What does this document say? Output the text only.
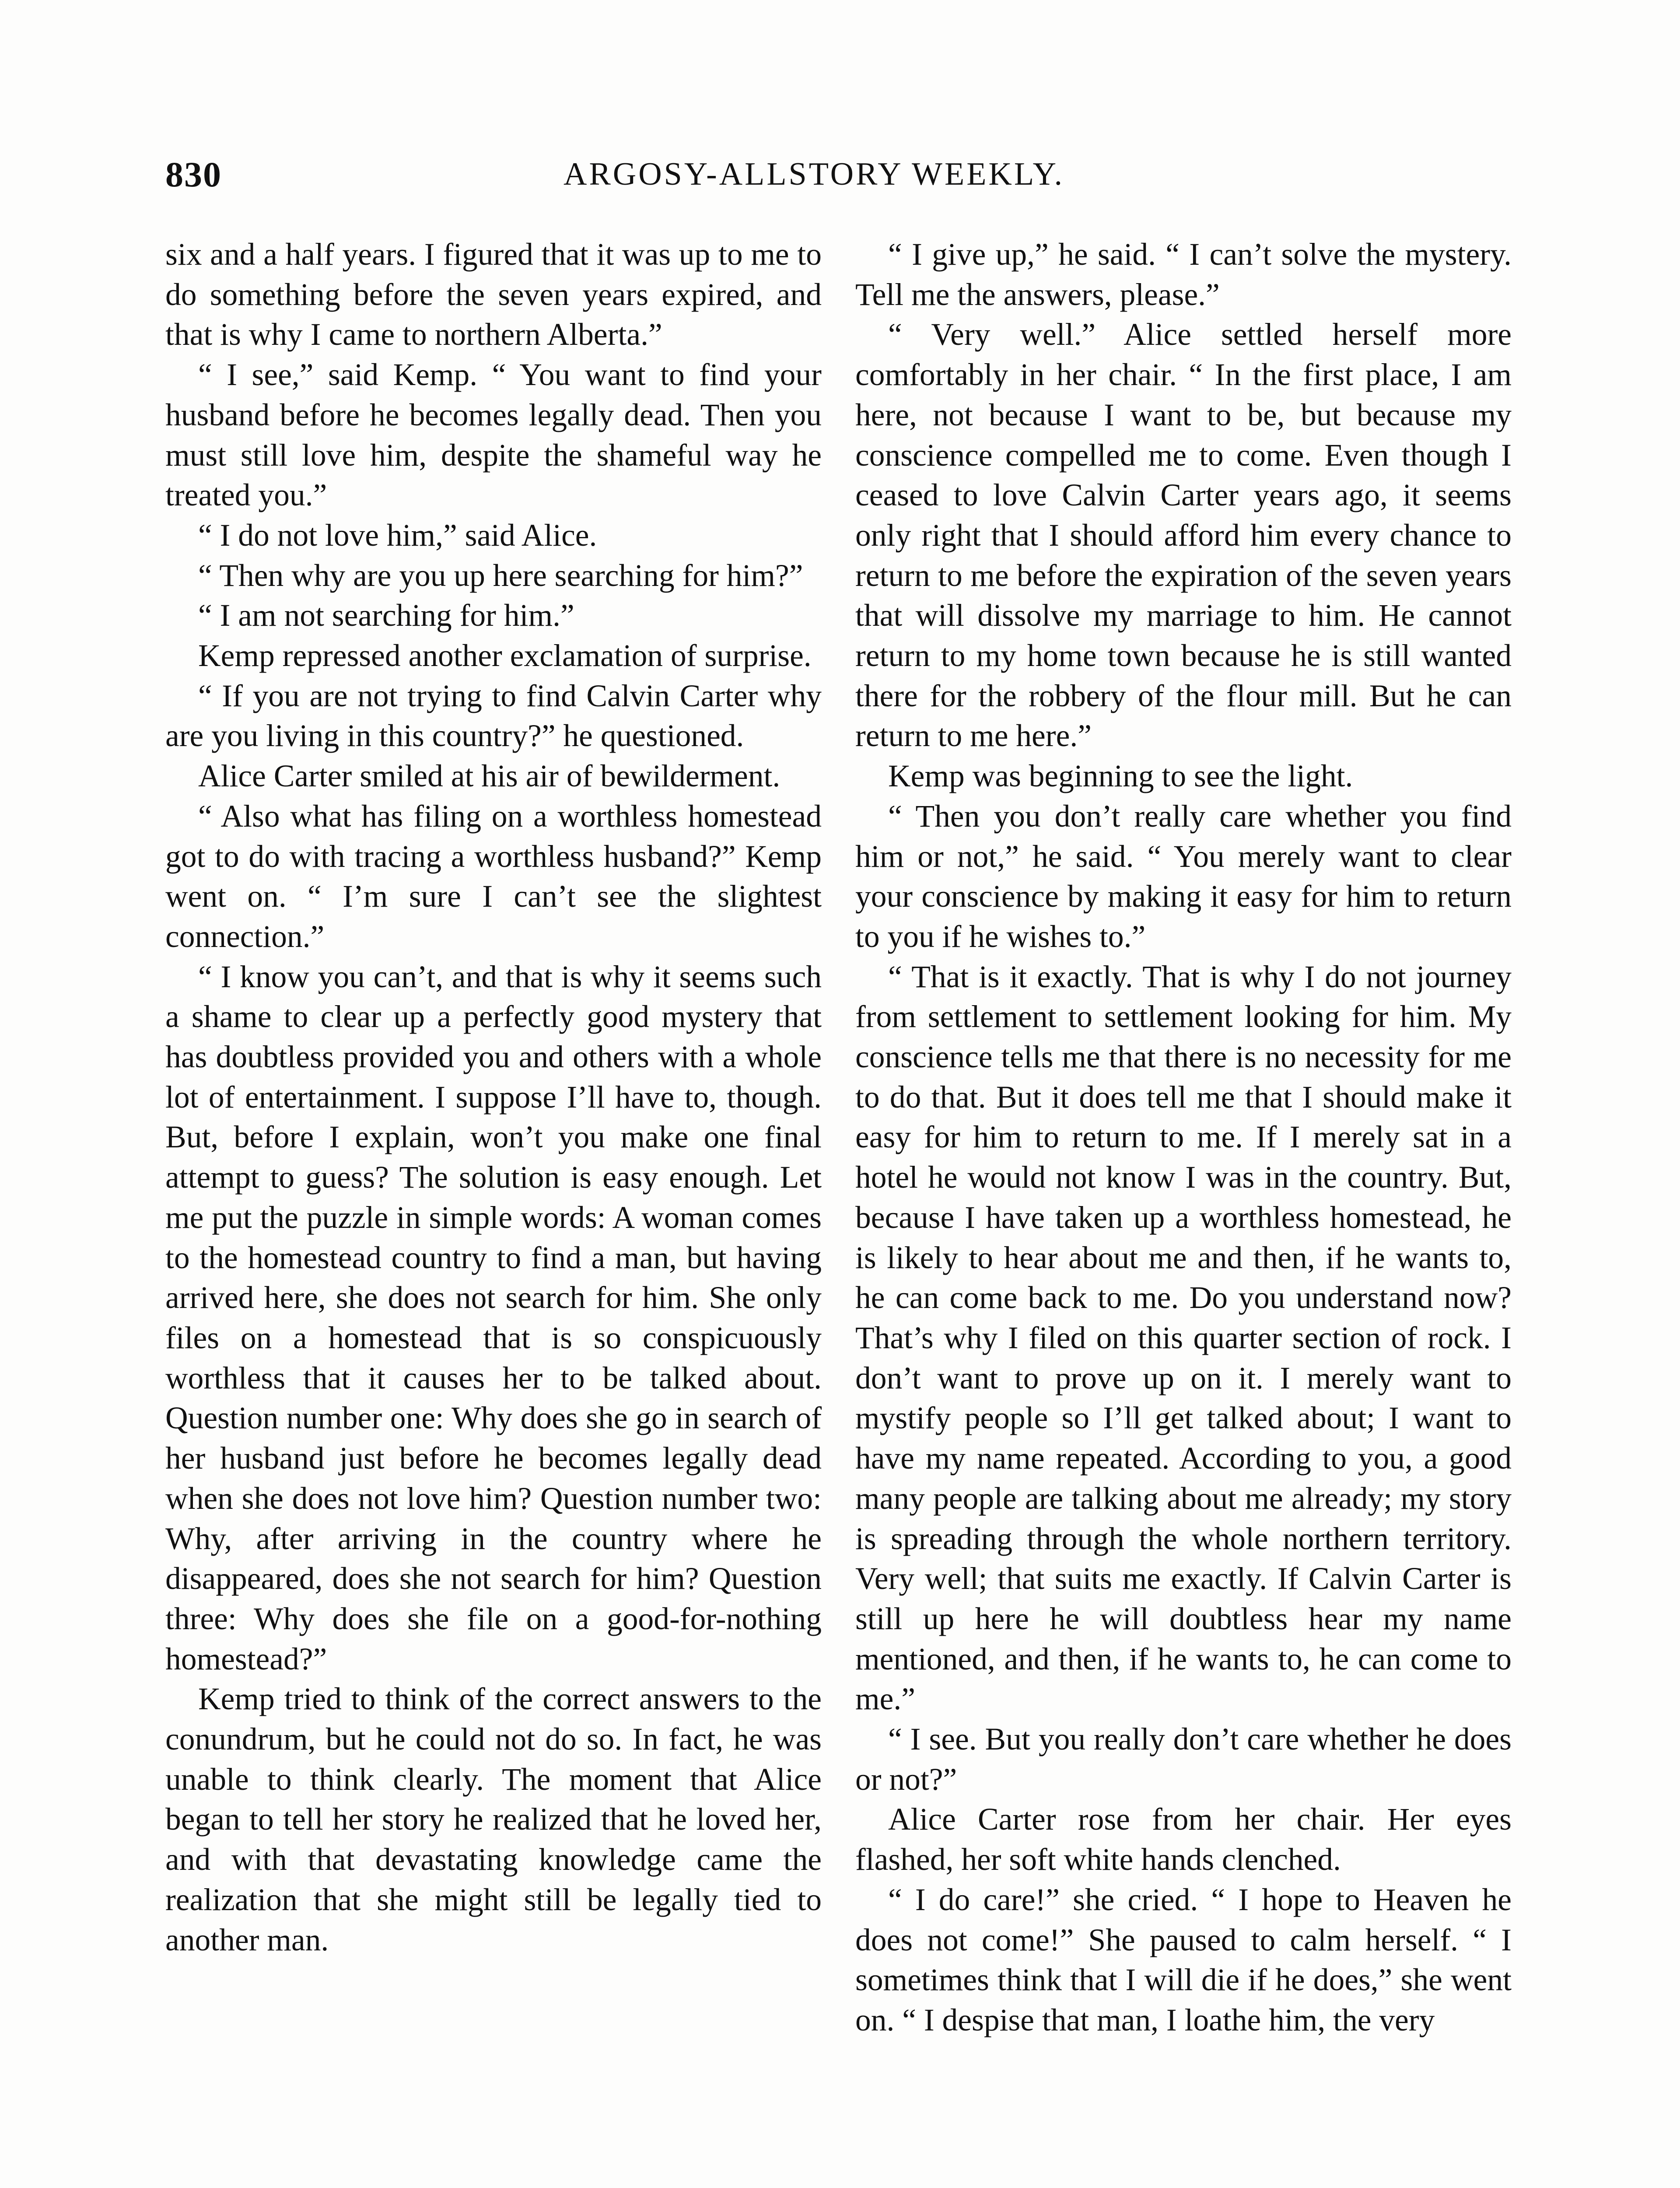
830	ARGOSY-ALLSTORY WEEKLY.

six and a half years. I figured that it was up to me to do something before the seven years expired, and that is why I came to northern Alberta.”

“ I see,” said Kemp. “ You want to find your husband before he becomes legally dead. Then you must still love him, despite the shameful way he treated you.”

“ I do not love him,” said Alice.

“ Then why are you up here searching for him?”

“ I am not searching for him.”

Kemp repressed another exclamation of surprise.

“ If you are not trying to find Calvin Carter why are you living in this country?” he questioned.

Alice Carter smiled at his air of bewilderment.

“ Also what has filing on a worthless homestead got to do with tracing a worthless husband?” Kemp went on. “ I’m sure I can’t see the slightest connection.”

“ I know you can’t, and that is why it seems such a shame to clear up a perfectly good mystery that has doubtless provided you and others with a whole lot of entertainment. I suppose I’ll have to, though. But, before I explain, won’t you make one final attempt to guess? The solution is easy enough. Let me put the puzzle in simple words: A woman comes to the homestead country to find a man, but having arrived here, she does not search for him. She only files on a homestead that is so conspicuously worthless that it causes her to be talked about. Question number one: Why does she go in search of her husband just before he becomes legally dead when she does not love him? Question number two: Why, after arriving in the country where he disappeared, does she not search for him? Question three: Why does she file on a good-for-nothing homestead?”

Kemp tried to think of the correct answers to the conundrum, but he could not do so. In fact, he was unable to think clearly. The moment that Alice began to tell her story he realized that he loved her, and with that devastating knowledge came the realization that she might still be legally tied to another man.

“ I give up,” he said. “ I can’t solve the mystery. Tell me the answers, please.”

“ Very well.” Alice settled herself more comfortably in her chair. “ In the first place, I am here, not because I want to be, but because my conscience compelled me to come. Even though I ceased to love Calvin Carter years ago, it seems only right that I should afford him every chance to return to me before the expiration of the seven years that will dissolve my marriage to him. He cannot return to my home town because he is still wanted there for the robbery of the flour mill. But he can return to me here.”

Kemp was beginning to see the light.

“ Then you don’t really care whether you find him or not,” he said. “ You merely want to clear your conscience by making it easy for him to return to you if he wishes to.”

“ That is it exactly. That is why I do not journey from settlement to settlement looking for him. My conscience tells me that there is no necessity for me to do that. But it does tell me that I should make it easy for him to return to me. If I merely sat in a hotel he would not know I was in the country. But, because I have taken up a worthless homestead, he is likely to hear about me and then, if he wants to, he can come back to me. Do you understand now? That’s why I filed on this quarter section of rock. I don’t want to prove up on it. I merely want to mystify people so I’ll get talked about; I want to have my name repeated. According to you, a good many people are talking about me already; my story is spreading through the whole northern territory. Very well; that suits me exactly. If Calvin Carter is still up here he will doubtless hear my name mentioned, and then, if he wants to, he can come to me.”

“ I see. But you really don’t care whether he does or not?”

Alice Carter rose from her chair. Her eyes flashed, her soft white hands clenched.

“ I do care!” she cried. “ I hope to Heaven he does not come!” She paused to calm herself. “ I sometimes think that I will die if he does,” she went on. “ I despise that man, I loathe him, the very
